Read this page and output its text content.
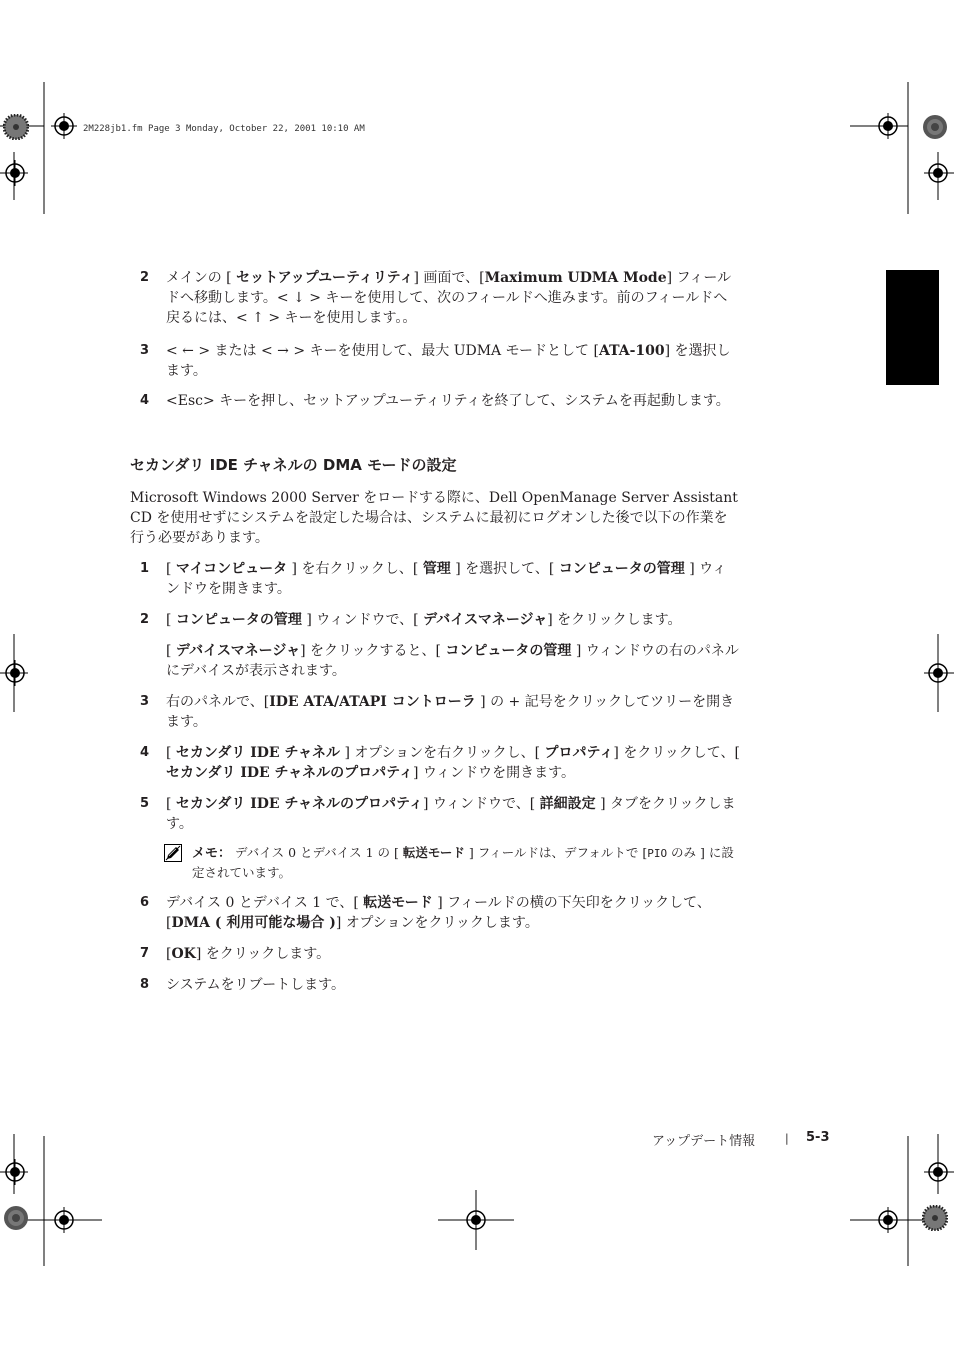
2M228jb1.fm Page 3 Monday, October 22, 2001 10:10 AM
2 メインの [ セットアップユーティリティ] 画面で、[Maximum UDMA Mode] フィールドへ移動します。< ↓ > キーを使用して、次のフィールドへ進みます。前のフィールドへ戻るには、< ↑ > キーを使用します。。
3 < ← > または < → > キーを使用して、最大 UDMA モードとして [ATA-100] を選択します。
4 <Esc> キーを押し、セットアップユーティリティを終了して、システムを再起動します。
セカンダリ IDE チャネルの DMA モードの設定
Microsoft Windows 2000 Server をロードする際に、Dell OpenManage Server Assistant CD を使用せずにシステムを設定した場合は、システムに最初にログオンした後で以下の作業を行う必要があります。
1 [ マイコンピュータ ] を右クリックし、[ 管理 ] を選択して、[ コンピュータの管理 ] ウィンドウを開きます。
2 [ コンピュータの管理 ] ウィンドウで、[ デバイスマネージャ] をクリックします。
[ デバイスマネージャ] をクリックすると、[ コンピュータの管理 ] ウィンドウの右のパネルにデバイスが表示されます。
3 右のパネルで、[IDE ATA/ATAPI コントローラ ] の + 記号をクリックしてツリーを開きます。
4 [ セカンダリ IDE チャネル ] オプションを右クリックし、[ プロパティ] をクリックして、[ セカンダリ IDE チャネルのプロパティ] ウィンドウを開きます。
5 [ セカンダリ IDE チャネルのプロパティ] ウィンドウで、[ 詳細設定 ] タブをクリックします。
メモ： デバイス 0 とデバイス 1 の [ 転送モード ] フィールドは、デフォルトで [PIO のみ ] に設定されています。
6 デバイス 0 とデバイス 1 で、[ 転送モード ] フィールドの横の下矢印をクリックして、[DMA ( 利用可能な場合 )] オプションをクリックします。
7 [OK] をクリックします。
8 システムをリブートします。
アップデート情報	| 5-3
